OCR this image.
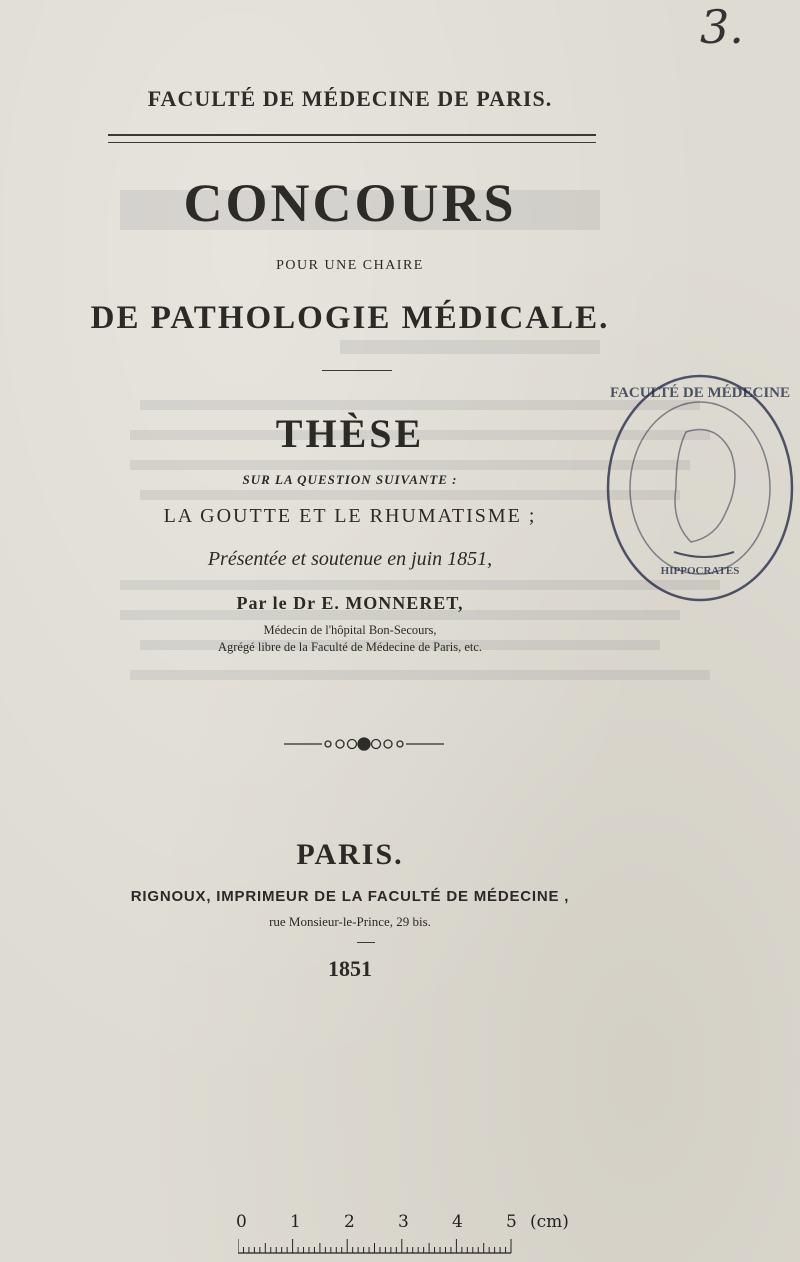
3.
FACULTÉ DE MÉDECINE DE PARIS.
CONCOURS
POUR UNE CHAIRE
DE PATHOLOGIE MÉDICALE.
THÈSE
SUR LA QUESTION SUIVANTE :
LA GOUTTE ET LE RHUMATISME ;
Présentée et soutenue en juin 1851,
Par le Dr E. MONNERET,
Médecin de l'hôpital Bon-Secours,
Agrégé libre de la Faculté de Médecine de Paris, etc.
PARIS.
RIGNOUX, IMPRIMEUR DE LA FACULTÉ DE MÉDECINE ,
rue Monsieur-le-Prince, 29 bis.
1851
FACULTÉ DE MÉDECINE
HIPPOCRATES
0	1	2	3	4	5 (cm)
